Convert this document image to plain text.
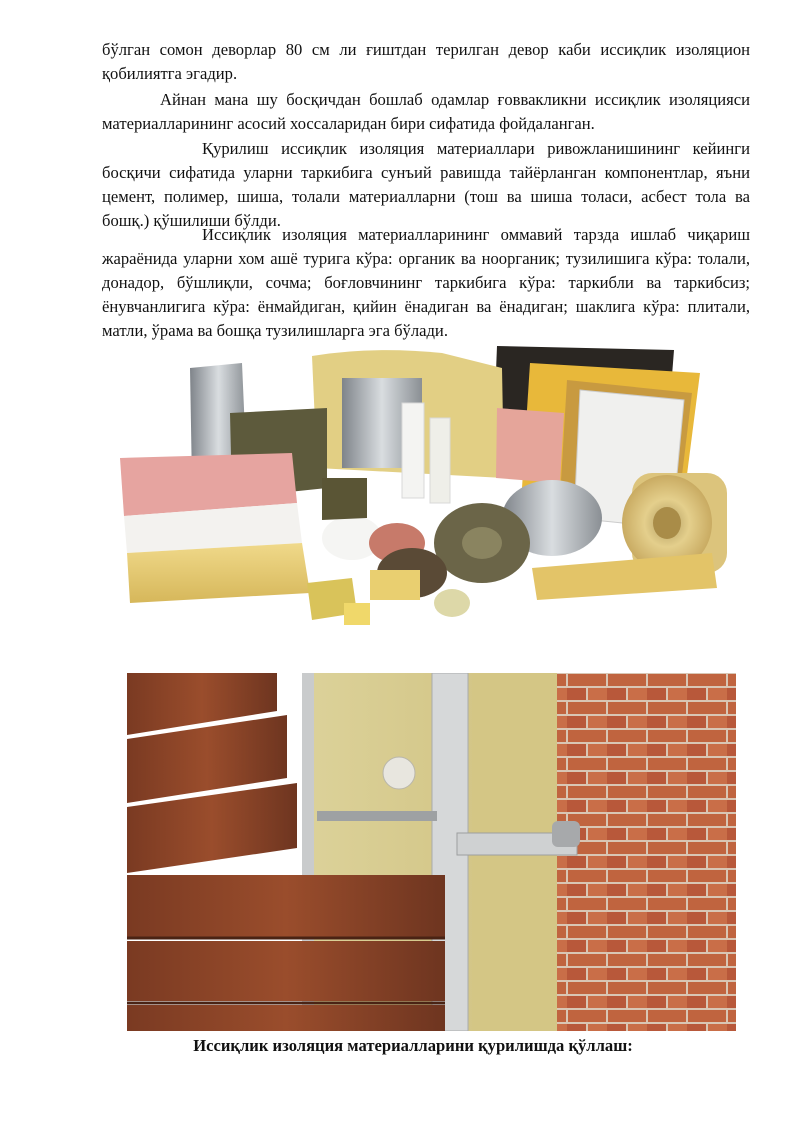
бўлган сомон деворлар 80 см ли ғиштдан терилган девор каби иссиқлик изоляцион қобилиятга эгадир.

Айнан мана шу босқичдан бошлаб одамлар ғоввакликни иссиқлик изоляцияси материалларининг асосий хоссаларидан бири сифатида фойдаланган.

Қурилиш иссиқлик изоляция материаллари ривожланишининг кейинги босқичи сифатида уларни таркибига сунъий равишда тайёрланган компонентлар, яъни цемент, полимер, шиша, толали материалларни (тош ва шиша толаси, асбест тола ва бошқ.) қўшилиши бўлди.

Иссиқлик изоляция материалларининг оммавий тарзда ишлаб чиқариш жараёнида уларни хом ашё турига кўра: органик ва ноорганик; тузилишига кўра: толали, донадор, бўшлиқли, сочма; боғловчининг таркибига кўра: таркибли ва таркибсиз; ёнувчанлигига кўра: ёнмайдиган, қийин ёнадиган ва ёнадиган; шаклига кўра: плитали, матли, ўрама ва бошқа тузилишларга эга бўлади.

Иссиқлик изоляция материалларини қурилишда қўллаш:
